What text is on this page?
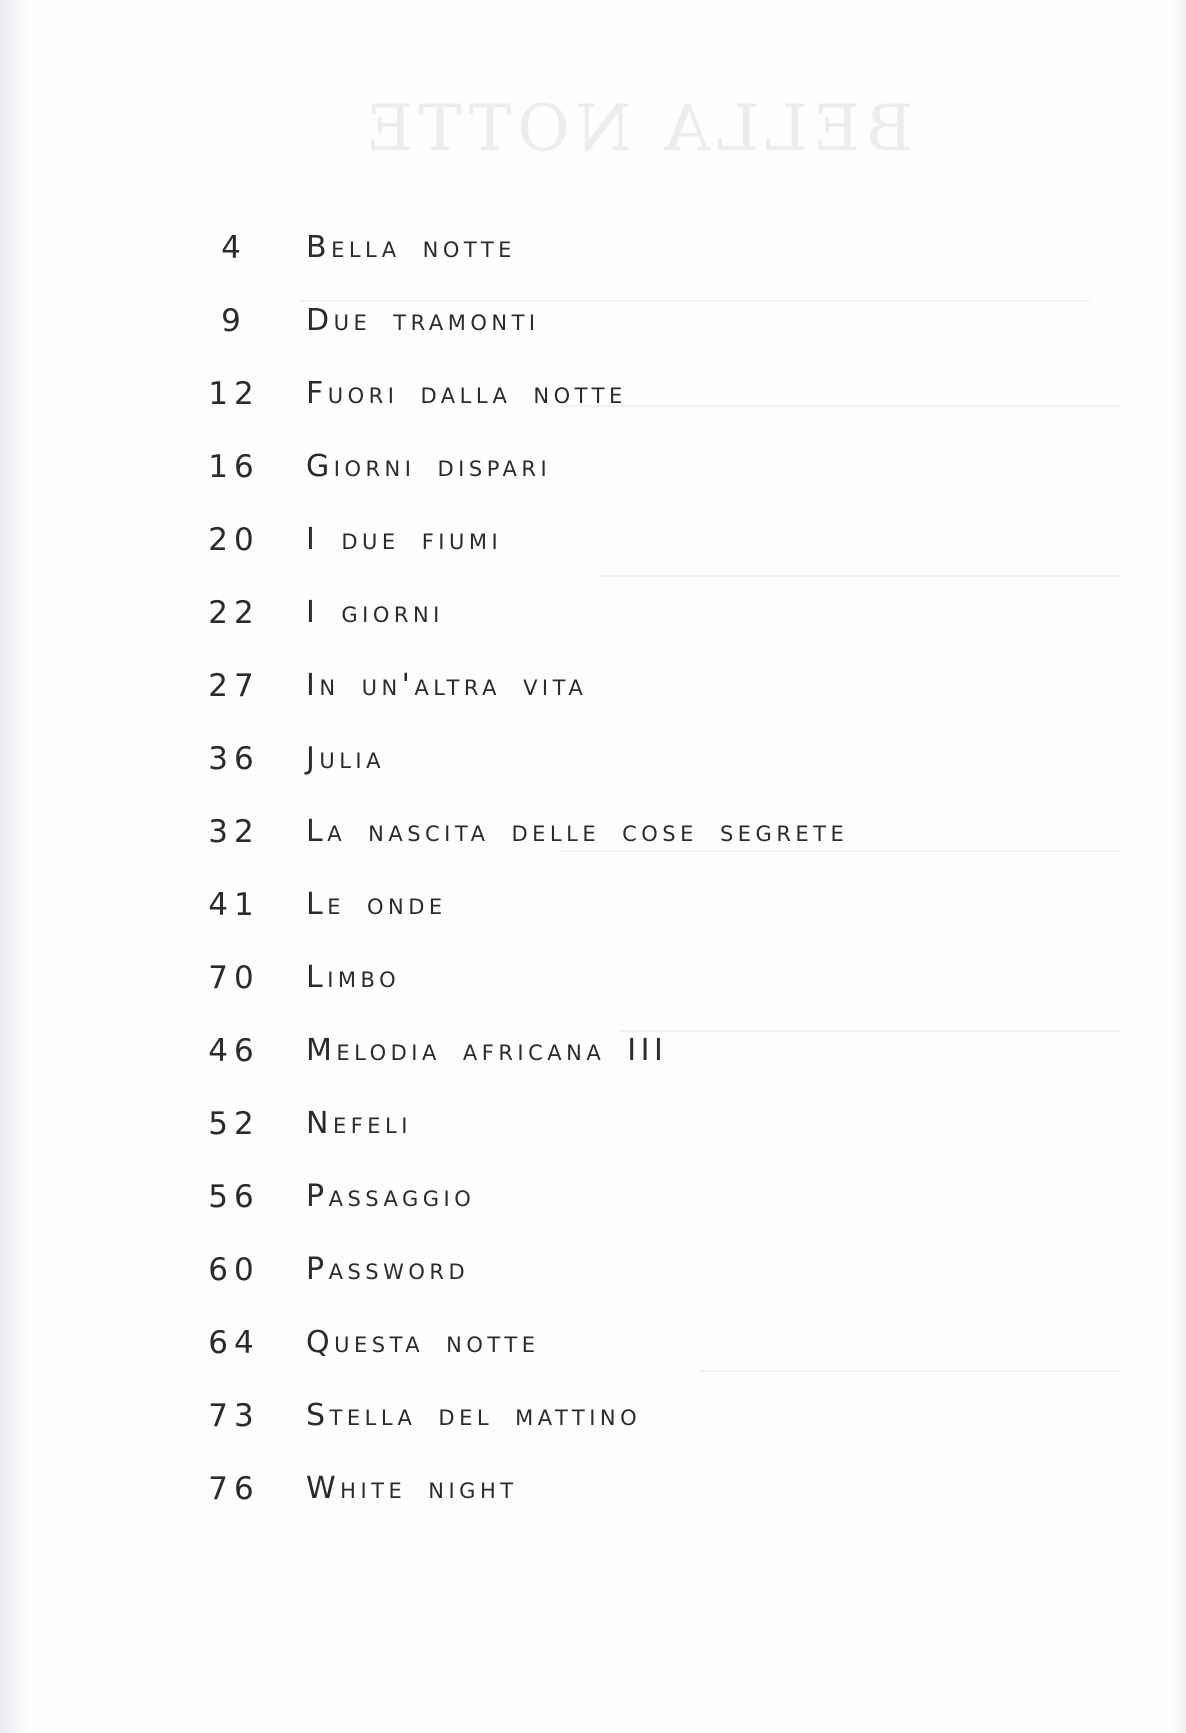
BELLA NOTTE
4	Bella notte
9	Due tramonti
12 Fuori dalla notte
16 Giorni dispari
20 I due fiumi
22 I giorni
27 In un'altra vita
36 Julia
32 La nascita delle cose segrete
41 Le onde
70 Limbo
46 Melodia africana III
52 Nefeli
56 Passaggio
60 Password
64 Questa notte
73 Stella del mattino
76 White night
